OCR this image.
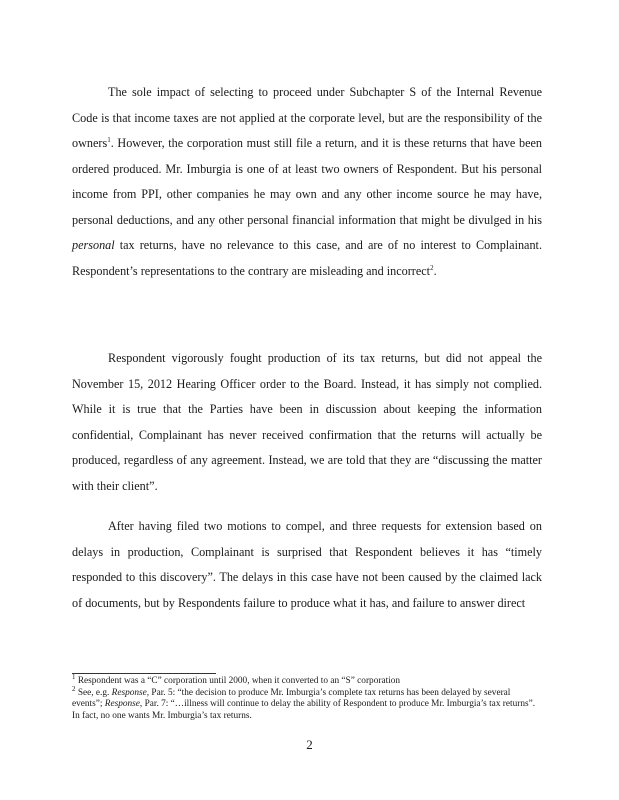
The sole impact of selecting to proceed under Subchapter S of the Internal Revenue Code is that income taxes are not applied at the corporate level, but are the responsibility of the owners$^1$. However, the corporation must still file a return, and it is these returns that have been ordered produced. Mr. Imburgia is one of at least two owners of Respondent. But his personal income from PPI, other companies he may own and any other income source he may have, personal deductions, and any other personal financial information that might be divulged in his personal tax returns, have no relevance to this case, and are of no interest to Complainant. Respondent’s representations to the contrary are misleading and incorrect$^2$.

Respondent vigorously fought production of its tax returns, but did not appeal the November 15, 2012 Hearing Officer order to the Board. Instead, it has simply not complied. While it is true that the Parties have been in discussion about keeping the information confidential, Complainant has never received confirmation that the returns will actually be produced, regardless of any agreement. Instead, we are told that they are “discussing the matter with their client”.

After having filed two motions to compel, and three requests for extension based on delays in production, Complainant is surprised that Respondent believes it has “timely responded to this discovery”. The delays in this case have not been caused by the claimed lack of documents, but by Respondents failure to produce what it has, and failure to answer direct

$^1$ Respondent was a “C” corporation until 2000, when it converted to an “S” corporation

$^2$ See, e.g. Response, Par. 5: “the decision to produce Mr. Imburgia’s complete tax returns has been delayed by several events”; Response, Par. 7: “…illness will continue to delay the ability of Respondent to produce Mr. Imburgia’s tax returns”. In fact, no one wants Mr. Imburgia’s tax returns.

2
